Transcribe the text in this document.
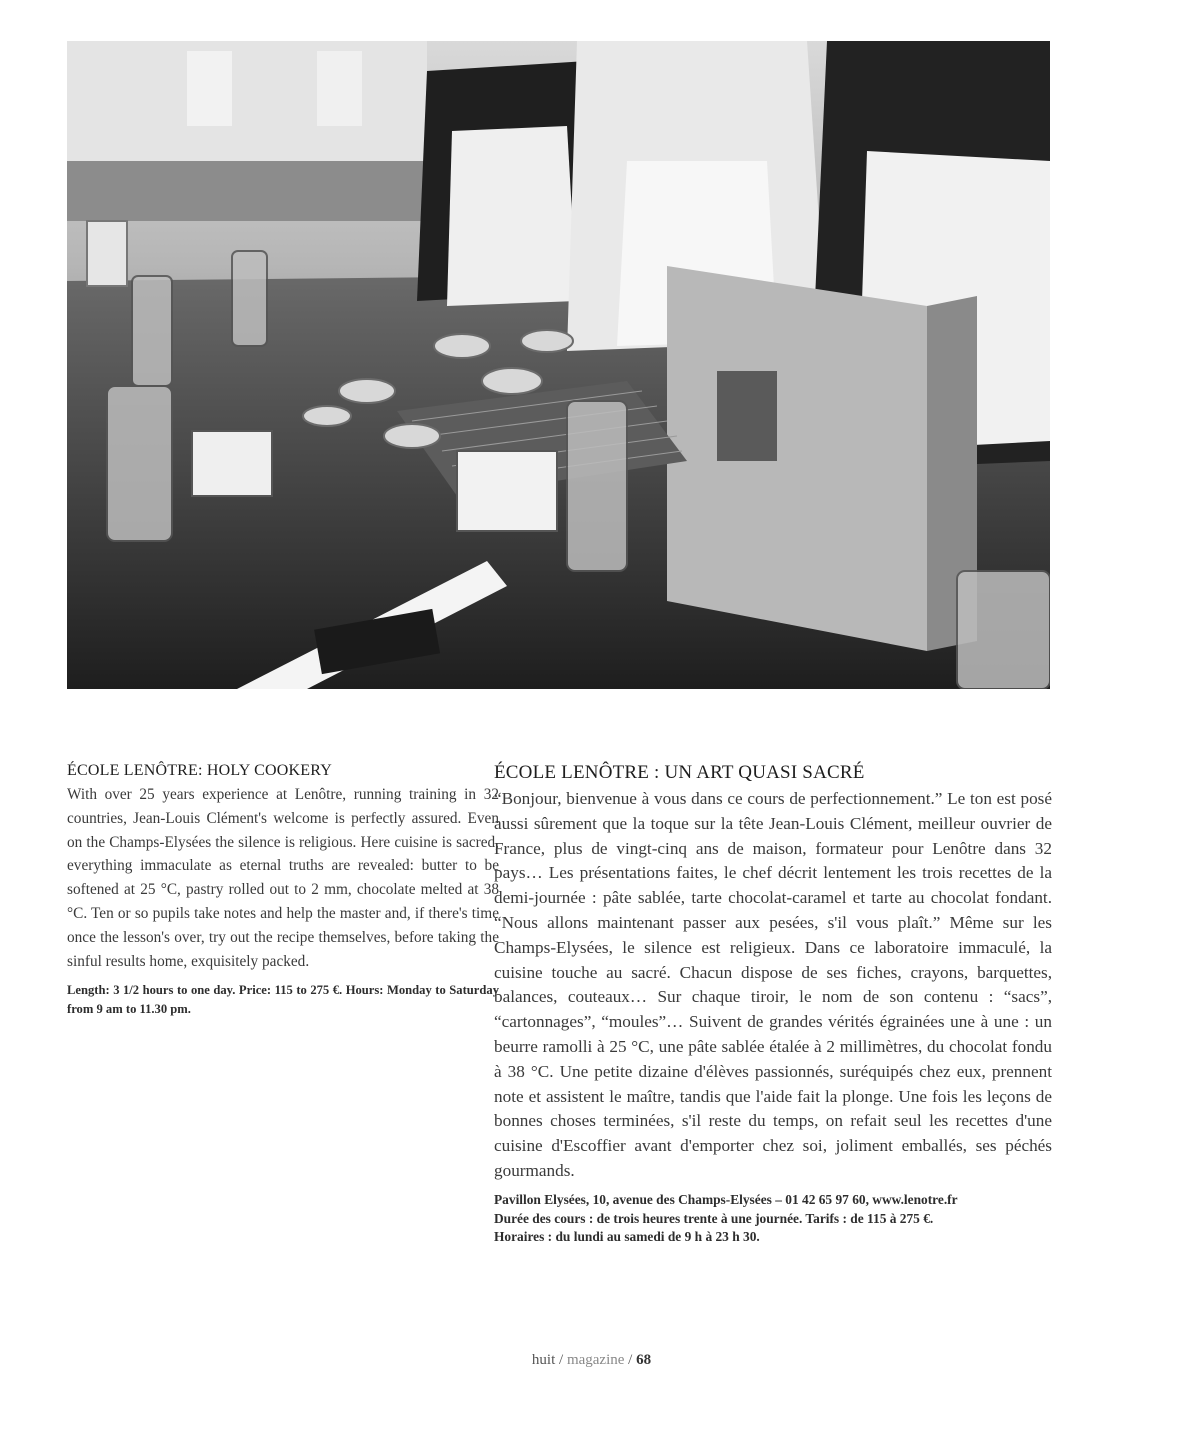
ÉCOLE LENÔTRE: HOLY COOKERY

With over 25 years experience at Lenôtre, running training in 32 countries, Jean-Louis Clément's welcome is perfectly assured. Even on the Champs-Elysées the silence is religious. Here cuisine is sacred, everything immaculate as eternal truths are revealed: butter to be softened at 25 °C, pastry rolled out to 2 mm, chocolate melted at 38 °C. Ten or so pupils take notes and help the master and, if there's time once the lesson's over, try out the recipe themselves, before taking the sinful results home, exquisitely packed.

Length: 3 1/2 hours to one day. Price: 115 to 275 €. Hours: Monday to Saturday from 9 am to 11.30 pm.

ÉCOLE LENÔTRE : UN ART QUASI SACRÉ

“Bonjour, bienvenue à vous dans ce cours de perfectionnement.” Le ton est posé aussi sûrement que la toque sur la tête Jean-Louis Clément, meilleur ouvrier de France, plus de vingt-cinq ans de maison, formateur pour Lenôtre dans 32 pays… Les présentations faites, le chef décrit lentement les trois recettes de la demi-journée : pâte sablée, tarte chocolat-caramel et tarte au chocolat fondant. “Nous allons maintenant passer aux pesées, s'il vous plaît.” Même sur les Champs-Elysées, le silence est religieux. Dans ce laboratoire immaculé, la cuisine touche au sacré. Chacun dispose de ses fiches, crayons, barquettes, balances, couteaux… Sur chaque tiroir, le nom de son contenu : “sacs”, “cartonnages”, “moules”… Suivent de grandes vérités égrainées une à une : un beurre ramolli à 25 °C, une pâte sablée étalée à 2 millimètres, du chocolat fondu à 38 °C. Une petite dizaine d'élèves passionnés, suréquipés chez eux, prennent note et assistent le maître, tandis que l'aide fait la plonge. Une fois les leçons de bonnes choses terminées, s'il reste du temps, on refait seul les recettes d'une cuisine d'Escoffier avant d'emporter chez soi, joliment emballés, ses péchés gourmands.

Pavillon Elysées, 10, avenue des Champs-Elysées – 01 42 65 97 60, www.lenotre.fr
Durée des cours : de trois heures trente à une journée. Tarifs : de 115 à 275 €.
Horaires : du lundi au samedi de 9 h à 23 h 30.

huit / magazine / 68
